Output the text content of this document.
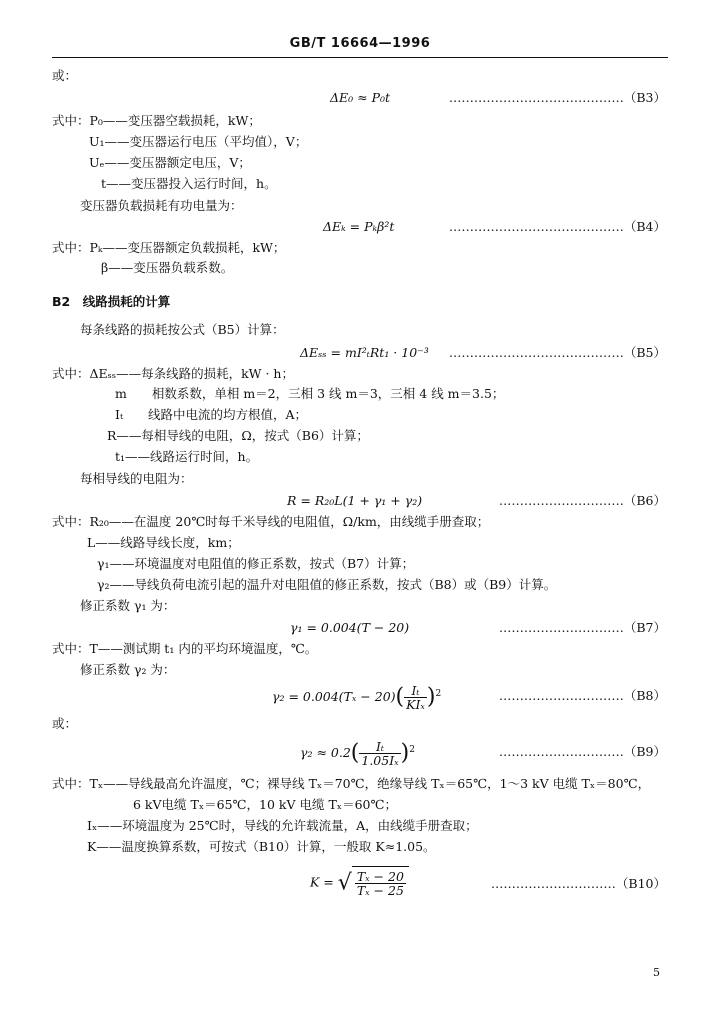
GB/T 16664—1996
或：
ΔE₀ ≈ P₀t	……………………………………（B3）
式中：P₀——变压器空载损耗，kW；
U₁——变压器运行电压（平均值），V；
Uₑ——变压器额定电压，V；
t——变压器投入运行时间，h。
变压器负载损耗有功电量为：
ΔEₖ = Pₖβ²t	……………………………………（B4）
式中：Pₖ——变压器额定负载损耗，kW；
β——变压器负载系数。
B2　线路损耗的计算
每条线路的损耗按公式（B5）计算：
ΔEₛₛ = mI²ₜRt₁ · 10⁻³ ……………………………………（B5）
式中：ΔEₛₛ——每条线路的损耗，kW · h；
m　　相数系数，单相 m＝2，三相 3 线 m＝3，三相 4 线 m＝3.5；
Iₜ　　线路中电流的均方根值，A；
R——每相导线的电阻，Ω，按式（B6）计算；
t₁——线路运行时间，h。
每相导线的电阻为：
R = R₂₀L(1 + γ₁ + γ₂)	…………………………（B6）
式中：R₂₀——在温度 20℃时每千米导线的电阻值，Ω/km，由线缆手册查取；
L——线路导线长度，km；
γ₁——环境温度对电阻值的修正系数，按式（B7）计算；
γ₂——导线负荷电流引起的温升对电阻值的修正系数，按式（B8）或（B9）计算。
修正系数 γ₁ 为：
γ₁ = 0.004(T − 20)	…………………………（B7）
式中：T——测试期 t₁ 内的平均环境温度，℃。
修正系数 γ₂ 为：
$\gamma_2 = 0.004(T_x - 20)( \frac{\text{Iₜ}}{\text{KIₓ}} )^2$	…………………………（B8）
或：
$\gamma_2 \approx 0.2( \frac{\text{Iₜ}}{\text{1.05Iₓ}} )^2$	…………………………（B9）
式中：Tₓ——导线最高允许温度，℃；裸导线 Tₓ＝70℃，绝缘导线 Tₓ＝65℃，1～3 kV 电缆 Tₓ＝80℃，
6 kV电缆 Tₓ＝65℃，10 kV 电缆 Tₓ＝60℃；
Iₓ——环境温度为 25℃时，导线的允许载流量，A，由线缆手册查取；
K——温度换算系数，可按式（B10）计算，一般取 K≈1.05。
K = √ $\frac{\text{Tₓ − 20}}{\text{Tₓ − 25}}$	…………………………（B10）
5
